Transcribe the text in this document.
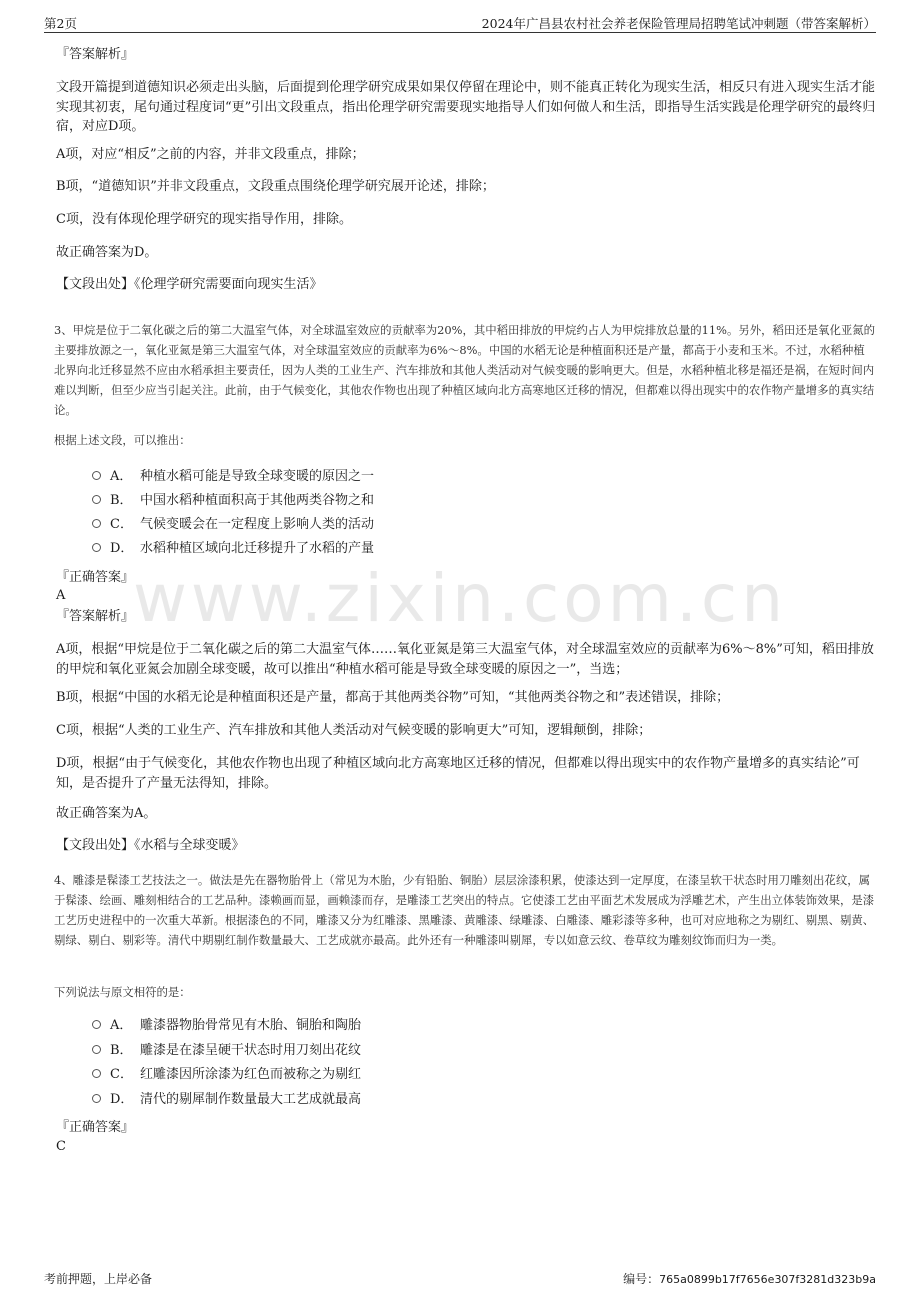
第2页	2024年广昌县农村社会养老保险管理局招聘笔试冲刺题（带答案解析）
www.zixin.com.cn
『答案解析』
文段开篇提到道德知识必须走出头脑，后面提到伦理学研究成果如果仅停留在理论中，则不能真正转化为现实生活，相反只有进入现实生活才能实现其初衷，尾句通过程度词“更”引出文段重点，指出伦理学研究需要现实地指导人们如何做人和生活，即指导生活实践是伦理学研究的最终归宿，对应D项。
A项，对应“相反”之前的内容，并非文段重点，排除；
B项，“道德知识”并非文段重点，文段重点围绕伦理学研究展开论述，排除；
C项，没有体现伦理学研究的现实指导作用，排除。
故正确答案为D。
【文段出处】《伦理学研究需要面向现实生活》
3、甲烷是位于二氧化碳之后的第二大温室气体，对全球温室效应的贡献率为20%，其中稻田排放的甲烷约占人为甲烷排放总量的11%。另外，稻田还是氧化亚氮的主要排放源之一，氧化亚氮是第三大温室气体，对全球温室效应的贡献率为6%～8%。中国的水稻无论是种植面积还是产量，都高于小麦和玉米。不过，水稻种植北界向北迁移显然不应由水稻承担主要责任，因为人类的工业生产、汽车排放和其他人类活动对气候变暖的影响更大。但是，水稻种植北移是福还是祸，在短时间内难以判断，但至少应当引起关注。此前，由于气候变化，其他农作物也出现了种植区域向北方高寒地区迁移的情况，但都难以得出现实中的农作物产量增多的真实结论。
根据上述文段，可以推出：
A． 种植水稻可能是导致全球变暖的原因之一
B． 中国水稻种植面积高于其他两类谷物之和
C． 气候变暖会在一定程度上影响人类的活动
D． 水稻种植区域向北迁移提升了水稻的产量
『正确答案』
A
『答案解析』
A项，根据“甲烷是位于二氧化碳之后的第二大温室气体……氧化亚氮是第三大温室气体，对全球温室效应的贡献率为6%～8%”可知，稻田排放的甲烷和氧化亚氮会加剧全球变暖，故可以推出“种植水稻可能是导致全球变暖的原因之一”，当选；
B项，根据“中国的水稻无论是种植面积还是产量，都高于其他两类谷物”可知，“其他两类谷物之和”表述错误，排除；
C项，根据“人类的工业生产、汽车排放和其他人类活动对气候变暖的影响更大”可知，逻辑颠倒，排除；
D项，根据“由于气候变化，其他农作物也出现了种植区域向北方高寒地区迁移的情况，但都难以得出现实中的农作物产量增多的真实结论”可知，是否提升了产量无法得知，排除。
故正确答案为A。
【文段出处】《水稻与全球变暖》
4、雕漆是髹漆工艺技法之一。做法是先在器物胎骨上（常见为木胎，少有铅胎、铜胎）层层涂漆积累，使漆达到一定厚度，在漆呈软干状态时用刀雕刻出花纹，属于髹漆、绘画、雕刻相结合的工艺品种。漆赖画而显，画赖漆而存，是雕漆工艺突出的特点。它使漆工艺由平面艺术发展成为浮雕艺术，产生出立体装饰效果，是漆工艺历史进程中的一次重大革新。根据漆色的不同，雕漆又分为红雕漆、黑雕漆、黄雕漆、绿雕漆、白雕漆、雕彩漆等多种，也可对应地称之为剔红、剔黑、剔黄、剔绿、剔白、剔彩等。清代中期剔红制作数量最大、工艺成就亦最高。此外还有一种雕漆叫剔犀，专以如意云纹、卷草纹为雕刻纹饰而归为一类。
下列说法与原文相符的是：
A． 雕漆器物胎骨常见有木胎、铜胎和陶胎
B． 雕漆是在漆呈硬干状态时用刀刻出花纹
C． 红雕漆因所涂漆为红色而被称之为剔红
D． 清代的剔犀制作数量最大工艺成就最高
『正确答案』
C
考前押题，上岸必备	编号：765a0899b17f7656e307f3281d323b9a
